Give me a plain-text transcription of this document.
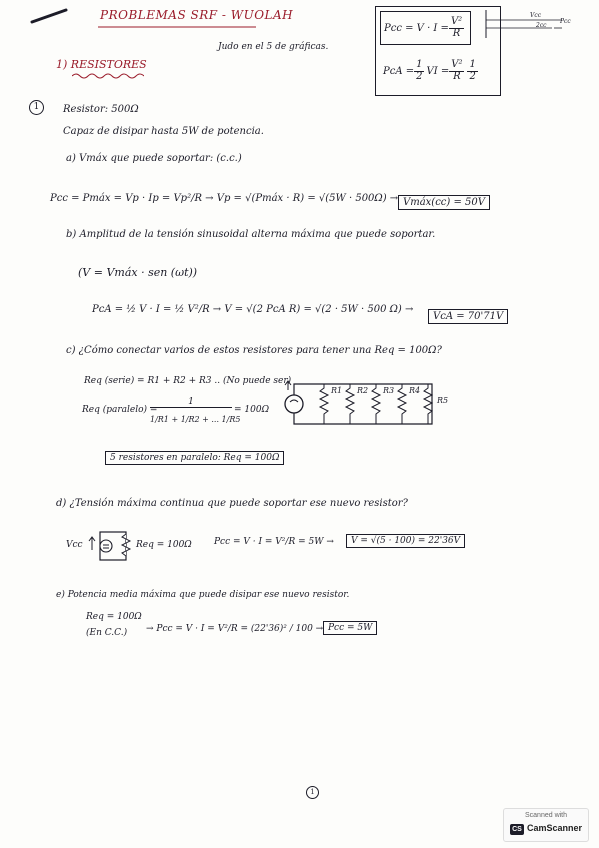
PROBLEMAS SRF - WUOLAH
Judo en el 5 de gráficas.
Pcc = $V \cdot I = \frac{\text{V²}}{R}$
PcA = $\frac{1}{2}$ VI = $\frac{\text{V²}}{R} \frac{1}{2}$
Vcc
2cc
Pcc
1) RESISTORES
1	Resistor: 500Ω
Capaz de disipar hasta 5W de potencia.
a) Vmáx que puede soportar: (c.c.)
Pcc = Pmáx = Vp · Ip = Vp²/R → Vp = √(Pmáx · R) = √(5W · 500Ω) → Vmáx(cc) = 50V
b) Amplitud de la tensión sinusoidal alterna máxima que puede soportar.
(V = Vmáx · sen (ωt))
PcA = ½ V · I = ½ V²/R → V = √(2 PcA R) = √(2 · 5W · 500 Ω) →
VcA = 70'71V
c) ¿Cómo conectar varios de estos resistores para tener una Req = 100Ω?
Req (serie) = R1 + R2 + R3 .. (No puede ser)
Req (paralelo) =
1
1/R1 + 1/R2 + ... 1/R5
= 100Ω
5 resistores en paralelo: Req = 100Ω
R1 R2 R3 R4
R5
d) ¿Tensión máxima continua que puede soportar ese nuevo resistor?
Vcc	Req = 100Ω Pcc = V · I = V²/R = 5W →	V = √(5 · 100) = 22'36V
e) Potencia media máxima que puede disipar ese nuevo resistor.
Req = 100Ω
(En C.C.) → Pcc = V · I = V²/R = (22'36)² / 100 → Pcc = 5W
1
Scanned with
CS CamScanner
